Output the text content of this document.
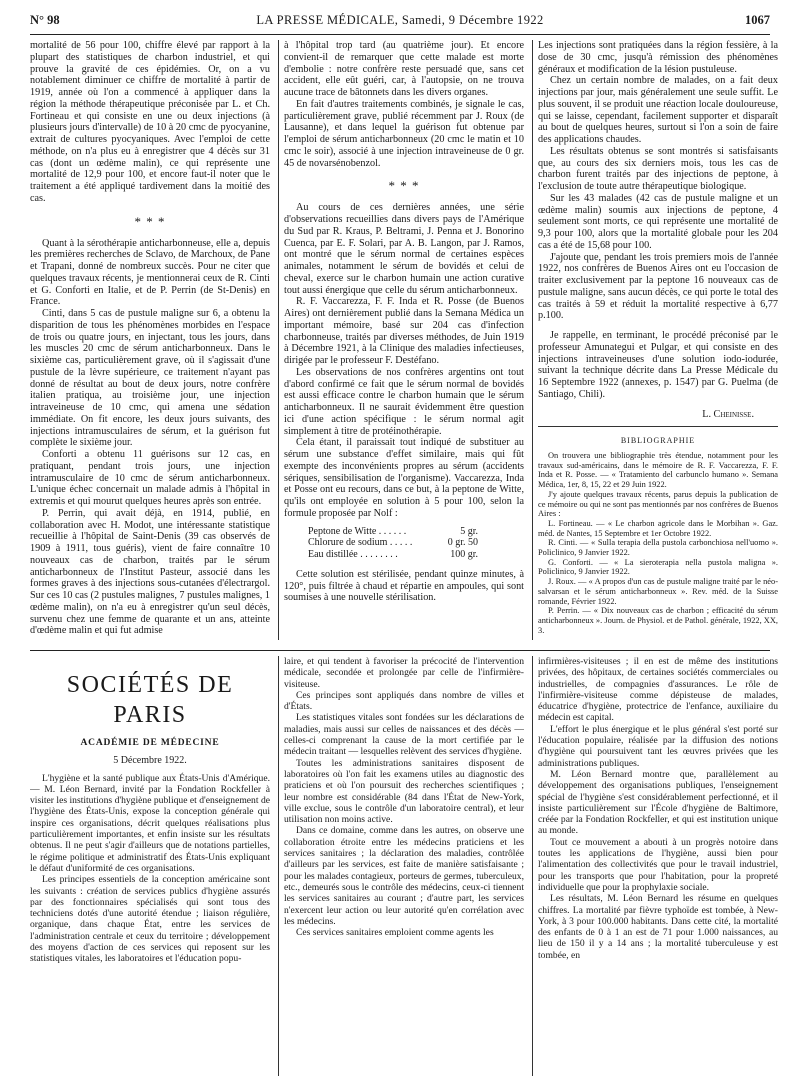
N° 98	LA PRESSE MÉDICALE, Samedi, 9 Décembre 1922	1067

mortalité de 56 pour 100, chiffre élevé par rapport à la plupart des statistiques de charbon industriel, et qui prouve la gravité de ces épidémies. Or, on a vu notablement diminuer ce chiffre de mortalité à partir de 1919, année où l'on a commencé à appliquer dans la région la méthode thérapeutique préconisée par L. et Ch. Fortineau et qui consiste en une ou deux injections (à plusieurs jours d'intervalle) de 10 à 20 cmc de pyocyanine, extrait de cultures pyocyaniques. Avec l'emploi de cette méthode, on n'a plus eu à enregistrer que 4 décès sur 31 cas (dont un œdème malin), ce qui représente une mortalité de 12,9 pour 100, et encore faut-il noter que le traitement a été appliqué tardivement dans la moitié des cas.

* * *

Quant à la sérothérapie anticharbonneuse, elle a, depuis les premières recherches de Sclavo, de Marchoux, de Pane et Trapani, donné de nombreux succès. Pour ne citer que quelques travaux récents, je mentionnerai ceux de R. Cinti et G. Conforti en Italie, et de P. Perrin (de St-Denis) en France.

Cinti, dans 5 cas de pustule maligne sur 6, a obtenu la disparition de tous les phénomènes morbides en l'espace de trois ou quatre jours, en injectant, tous les jours, dans les muscles 20 cmc de sérum anticharbonneux. Dans le sixième cas, particulièrement grave, où il s'agissait d'une pustule de la lèvre supérieure, ce traitement n'ayant pas donné de résultat au bout de deux jours, notre confrère italien pratiqua, au troisième jour, une injection intraveineuse de 10 cmc, qui amena une sédation immédiate. On fit encore, les deux jours suivants, des injections intramusculaires de sérum, et la guérison fut complète le sixième jour.

Conforti a obtenu 11 guérisons sur 12 cas, en pratiquant, pendant trois jours, une injection intramusculaire de 10 cmc de sérum anticharbonneux. L'unique échec concernait un malade admis à l'hôpital in extremis et qui mourut quelques heures après son entrée.

P. Perrin, qui avait déjà, en 1914, publié, en collaboration avec H. Modot, une intéressante statistique recueillie à l'hôpital de Saint-Denis (39 cas observés de 1909 à 1911, tous guéris), vient de faire connaître 10 nouveaux cas de charbon, traités par le sérum anticharbonneux de l'Institut Pasteur, associé dans les formes graves à des injections sous-cutanées d'électrargol. Sur ces 10 cas (2 pustules malignes, 7 pustules malignes, 1 œdème malin), on n'a eu à enregistrer qu'un seul décès, survenu chez une femme de quarante et un ans, atteinte d'œdème malin et qui fut admise

à l'hôpital trop tard (au quatrième jour). Et encore convient-il de remarquer que cette malade est morte d'embolie : notre confrère reste persuadé que, sans cet accident, elle eût guéri, car, à l'autopsie, on ne trouva aucune trace de bâtonnets dans les divers organes.

En fait d'autres traitements combinés, je signale le cas, particulièrement grave, publié récemment par J. Roux (de Lausanne), et dans lequel la guérison fut obtenue par l'emploi de sérum anticharbonneux (20 cmc le matin et 10 cmc le soir), associé à une injection intraveineuse de 0 gr. 45 de novarsénobenzol.

* * *

Au cours de ces dernières années, une série d'observations recueillies dans divers pays de l'Amérique du Sud par R. Kraus, P. Beltrami, J. Penna et J. Bonorino Cuenca, par E. F. Solari, par A. B. Langon, par J. Ramos, ont montré que le sérum normal de certaines espèces animales, notamment le sérum de bovidés et celui de cheval, exerce sur le charbon humain une action curative tout aussi énergique que celle du sérum anticharbonneux.

R. F. Vaccarezza, F. F. Inda et R. Posse (de Buenos Aires) ont dernièrement publié dans la Semana Médica un important mémoire, basé sur 204 cas d'infection charbonneuse, traités par diverses méthodes, de Juin 1919 à Décembre 1921, à la Clinique des maladies infectieuses, dirigée par le professeur F. Destéfano.

Les observations de nos confrères argentins ont tout d'abord confirmé ce fait que le sérum normal de bovidés est aussi efficace contre le charbon humain que le sérum anticharbonneux. Il ne saurait évidemment être question ici d'une action spécifique : le sérum normal agit simplement à titre de protéinothérapie.

Cela étant, il paraissait tout indiqué de substituer au sérum une substance d'effet similaire, mais qui fût exempte des inconvénients propres au sérum (accidents sériques, sensibilisation de l'organisme). Vaccarezza, Inda et Posse ont eu recours, dans ce but, à la peptone de Witte, qu'ils ont employée en solution à 5 pour 100, selon la formule proposée par Nolf :

Peptone de Witte . . . . . .	5 gr.
Chlorure de sodium . . . . .	0 gr. 50
Eau distillée . . . . . . . .	100 gr.

Cette solution est stérilisée, pendant quinze minutes, à 120°, puis filtrée à chaud et répartie en ampoules, qui sont soumises à une nouvelle stérilisation.

Les injections sont pratiquées dans la région fessière, à la dose de 30 cmc, jusqu'à rémission des phénomènes généraux et modification de la lésion pustuleuse.

Chez un certain nombre de malades, on a fait deux injections par jour, mais généralement une seule suffit. Le plus souvent, il se produit une réaction locale douloureuse, qui se laisse, cependant, facilement supporter et disparaît au bout de quelques heures, surtout si l'on a soin de faire des applications chaudes.

Les résultats obtenus se sont montrés si satisfaisants que, au cours des six derniers mois, tous les cas de charbon furent traités par des injections de peptone, à l'exclusion de toute autre thérapeutique biologique.

Sur les 43 malades (42 cas de pustule maligne et un œdème malin) soumis aux injections de peptone, 4 seulement sont morts, ce qui représente une mortalité de 9,3 pour 100, alors que la mortalité globale pour les 204 cas a été de 15,68 pour 100.

J'ajoute que, pendant les trois premiers mois de l'année 1922, nos confrères de Buenos Aires ont eu l'occasion de traiter exclusivement par la peptone 16 nouveaux cas de pustule maligne, sans aucun décès, ce qui porte le total des cas traités à 59 et réduit la mortalité respective à 6,77 p.100.

Je rappelle, en terminant, le procédé préconisé par le professeur Amunategui et Pulgar, et qui consiste en des injections intraveineuses d'une solution iodo-iodurée, suivant la technique décrite dans La Presse Médicale du 16 Septembre 1922 (annexes, p. 1547) par G. Puelma (de Santiago, Chili).

L. Cheinisse.
BIBLIOGRAPHIE

On trouvera une bibliographie très étendue, notamment pour les travaux sud-américains, dans le mémoire de R. F. Vaccarezza, F. F. Inda et R. Posse. — « Tratamiento del carbunclo humano ». Semana Médica, 1er, 8, 15, 22 et 29 Juin 1922.

J'y ajoute quelques travaux récents, parus depuis la publication de ce mémoire ou qui ne sont pas mentionnés par nos confrères de Buenos Aires :

L. Fortineau. — « Le charbon agricole dans le Morbihan ». Gaz. méd. de Nantes, 15 Septembre et 1er Octobre 1922.

R. Cinti. — « Sulla terapia della pustola carbonchiosa nell'uomo ». Policlinico, 9 Janvier 1922.

G. Conforti. — « La sieroterapia nella pustola maligna ». Policlinico, 9 Janvier 1922.

J. Roux. — « A propos d'un cas de pustule maligne traité par le néo-salvarsan et le sérum anticharbonneux ». Rev. méd. de la Suisse romande, Février 1922.

P. Perrin. — « Dix nouveaux cas de charbon ; efficacité du sérum anticharbonneux ». Journ. de Physiol. et de Pathol. générale, 1922, XX, 3.

SOCIÉTÉS DE PARIS
ACADÉMIE DE MÉDECINE
5 Décembre 1922.

L'hygiène et la santé publique aux États-Unis d'Amérique. — M. Léon Bernard, invité par la Fondation Rockfeller à visiter les institutions d'hygiène publique et d'enseignement de l'hygiène des États-Unis, expose la conception générale qui inspire ces organisations, décrit quelques réalisations plus particulièrement importantes, et enfin insiste sur les résultats obtenus. Il ne peut s'agir d'ailleurs que de notations partielles, le régime politique et administratif des États-Unis expliquant le défaut d'uniformité de ces organisations.

Les principes essentiels de la conception américaine sont les suivants : création de services publics d'hygiène assurés par des fonctionnaires spécialisés qui sont tous des techniciens dotés d'une autorité étendue ; liaison régulière, organique, dans chaque État, entre les services de l'administration centrale et ceux du territoire ; développement des moyens d'action de ces services qui reposent sur les statistiques vitales, les laboratoires et l'éducation popu-

laire, et qui tendent à favoriser la précocité de l'intervention médicale, secondée et prolongée par celle de l'infirmière-visiteuse.

Ces principes sont appliqués dans nombre de villes et d'États.

Les statistiques vitales sont fondées sur les déclarations de maladies, mais aussi sur celles de naissances et des décès — celles-ci comprenant la cause de la mort certifiée par le médecin traitant — lesquelles relèvent des services d'hygiène.

Toutes les administrations sanitaires disposent de laboratoires où l'on fait les examens utiles au diagnostic des praticiens et où l'on poursuit des recherches scientifiques ; leur nombre est considérable (84 dans l'État de New-York, ville exclue, sous le contrôle d'un laboratoire central), et leur utilisation non moins active.

Dans ce domaine, comme dans les autres, on observe une collaboration étroite entre les médecins praticiens et les services sanitaires ; la déclaration des maladies, contrôlée d'ailleurs par les services, est faite de manière satisfaisante ; pour les malades contagieux, porteurs de germes, tuberculeux, etc., demeurés sous le contrôle des médecins, ceux-ci tiennent les services sanitaires au courant ; d'autre part, les services n'exercent leur action ou leur autorité qu'en corrélation avec les médecins.

Ces services sanitaires emploient comme agents les

infirmières-visiteuses ; il en est de même des institutions privées, des hôpitaux, de certaines sociétés commerciales ou industrielles, de compagnies d'assurances. Le rôle de l'infirmière-visiteuse comme dépisteuse de malades, éducatrice d'hygiène, protectrice de l'enfance, auxiliaire du médecin est capital.

L'effort le plus énergique et le plus général s'est porté sur l'éducation populaire, réalisée par la diffusion des notions d'hygiène qui poursuivent tant les œuvres privées que les administrations publiques.

M. Léon Bernard montre que, parallèlement au développement des organisations publiques, l'enseignement spécial de l'hygiène s'est considérablement perfectionné, et il insiste particulièrement sur l'École d'hygiène de Baltimore, créée par la Fondation Rockfeller, et qui est institution unique au monde.

Tout ce mouvement a abouti à un progrès notoire dans toutes les applications de l'hygiène, aussi bien pour l'alimentation des collectivités que pour le travail industriel, pour les transports que pour l'habitation, pour la propreté individuelle que pour la prophylaxie sociale.

Les résultats, M. Léon Bernard les résume en quelques chiffres. La mortalité par fièvre typhoïde est tombée, à New-York, à 3 pour 100.000 habitants. Dans cette cité, la mortalité des enfants de 0 à 1 an est de 71 pour 1.000 naissances, au lieu de 150 il y a 14 ans ; la mortalité tuberculeuse y est tombée, en
